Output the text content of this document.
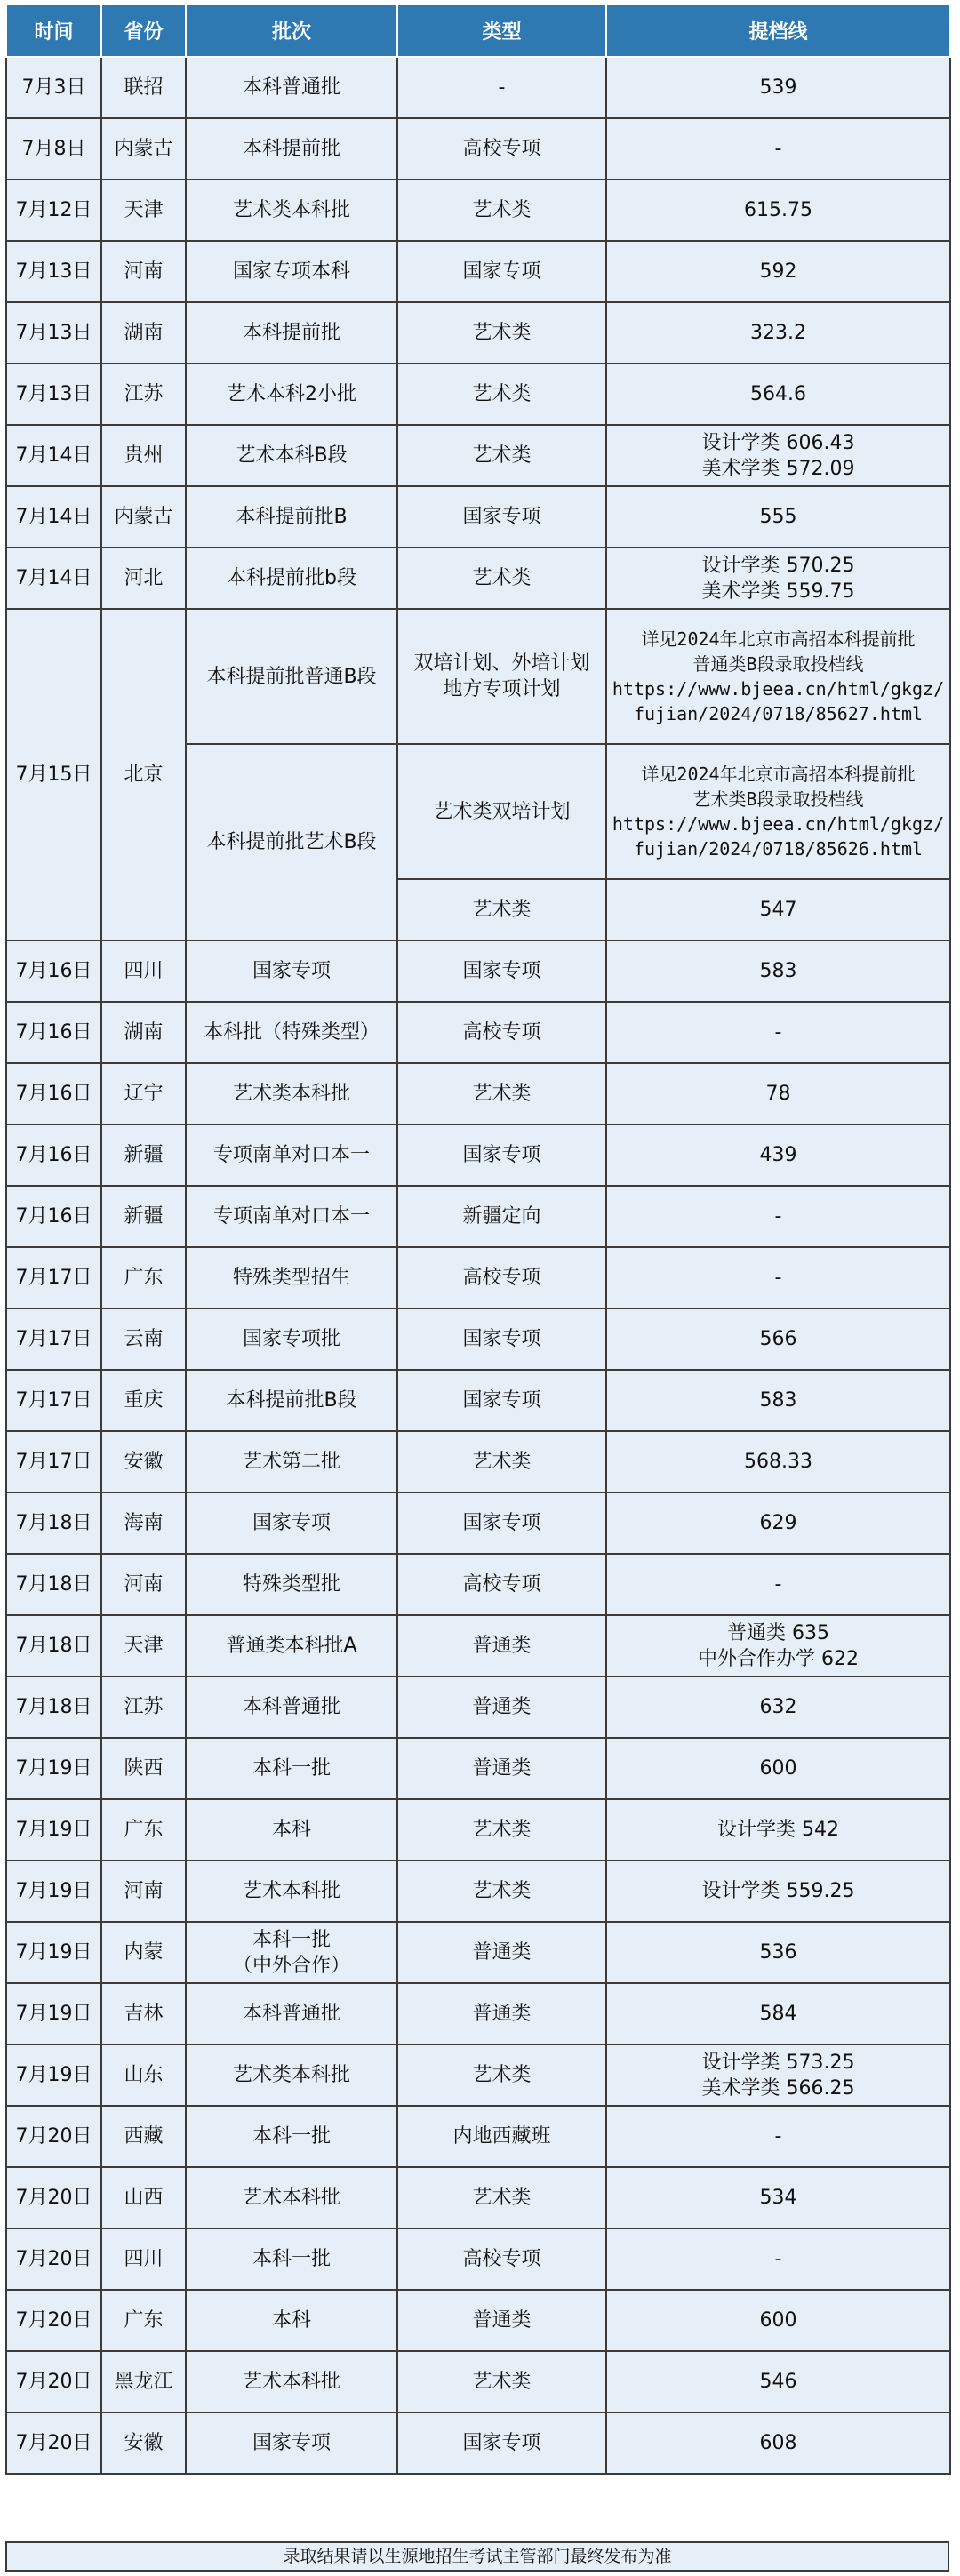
时间	省份	批次	类型	提档线
7月3日	联招	本科普通批	-	539

7月8日	内蒙古	本科提前批	高校专项	-

7月12日	天津	艺术类本科批	艺术类	615.75

7月13日	河南	国家专项本科	国家专项	592

7月13日	湖南	本科提前批	艺术类	323.2

7月13日	江苏	艺术本科2小批	艺术类	564.6

7月14日	贵州	艺术本科B段	艺术类	设计学类 606.43
美术学类 572.09

7月14日	内蒙古	本科提前批B	国家专项	555

7月14日	河北	本科提前批b段	艺术类	设计学类 570.25
美术学类 559.75

7月15日	北京	本科提前批普通B段	双培计划、外培计划
地方专项计划	详见2024年北京市高招本科提前批
普通类B段录取投档线
https://www.bjeea.cn/html/gkgz/
fujian/2024/0718/85627.html

		本科提前批艺术B段	艺术类双培计划	详见2024年北京市高招本科提前批
艺术类B段录取投档线
https://www.bjeea.cn/html/gkgz/
fujian/2024/0718/85626.html

			艺术类	547
7月16日	四川	国家专项	国家专项	583

7月16日	湖南	本科批（特殊类型）	高校专项	-

7月16日	辽宁	艺术类本科批	艺术类	78

7月16日	新疆	专项南单对口本一	国家专项	439

7月16日	新疆	专项南单对口本一	新疆定向	-

7月17日	广东	特殊类型招生	高校专项	-

7月17日	云南	国家专项批	国家专项	566

7月17日	重庆	本科提前批B段	国家专项	583

7月17日	安徽	艺术第二批	艺术类	568.33

7月18日	海南	国家专项	国家专项	629

7月18日	河南	特殊类型批	高校专项	-

7月18日	天津	普通类本科批A	普通类	普通类 635
中外合作办学 622

7月18日	江苏	本科普通批	普通类	632

7月19日	陕西	本科一批	普通类	600

7月19日	广东	本科	艺术类	设计学类 542

7月19日	河南	艺术本科批	艺术类	设计学类 559.25

7月19日	内蒙	本科一批
（中外合作）	普通类	536

7月19日	吉林	本科普通批	普通类	584

7月19日	山东	艺术类本科批	艺术类	设计学类 573.25
美术学类 566.25

7月20日	西藏	本科一批	内地西藏班	-

7月20日	山西	艺术本科批	艺术类	534

7月20日	四川	本科一批	高校专项	-

7月20日	广东	本科	普通类	600

7月20日	黑龙江	艺术本科批	艺术类	546

7月20日	安徽	国家专项	国家专项	608
录取结果请以生源地招生考试主管部门最终发布为准
